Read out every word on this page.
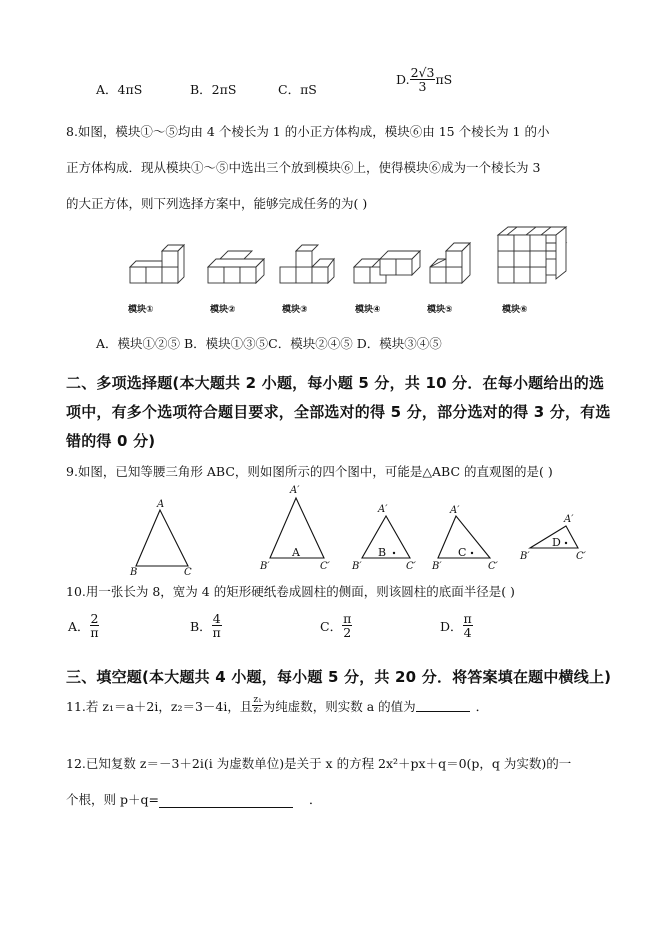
A．4πS	B．2πS	C．πS
D. $\frac{2√3}{3}$ πS
8.如图，模块①～⑤均由 4 个棱长为 1 的小正方体构成，模块⑥由 15 个棱长为 1 的小
正方体构成．现从模块①～⑤中选出三个放到模块⑥上，使得模块⑥成为一个棱长为 3
的大正方体，则下列选择方案中，能够完成任务的为( )
模块①	模块②	模块③	模块④	模块⑤	模块⑥
A．模块①②⑤ B．模块①③⑤C．模块②④⑤ D．模块③④⑤
二、多项选择题(本大题共 2 小题，每小题 5 分，共 10 分．在每小题给出的选
项中，有多个选项符合题目要求，全部选对的得 5 分，部分选对的得 3 分，有选
错的得 0 分)
9.如图，已知等腰三角形 ABC，则如图所示的四个图中，可能是△ABC 的直观图的是( )
A
B	C
A′
B′	C′
A′
B′	C′
A′
B′	C′
A′
B′	C′
A	B	C
D
10.用一张长为 8，宽为 4 的矩形硬纸卷成圆柱的侧面，则该圆柱的底面半径是( )
A． $\frac{2}{\pi}$	B． $\frac{4}{\pi}$	C． $\frac{\pi}{2}$	D． $\frac{\pi}{4}$
三、填空题(本大题共 4 小题，每小题 5 分，共 20 分．将答案填在题中横线上)
11.若 z₁＝a＋2i，z₂＝3－4i，且 $\frac{\text{z₁}}{\text{z₂}}$ 为纯虚数，则实数 a 的值为	．
12.已知复数 z＝－3＋2i(i 为虚数单位)是关于 x 的方程 2x²＋px＋q＝0(p，q 为实数)的一
个根，则 p＋q=	．
